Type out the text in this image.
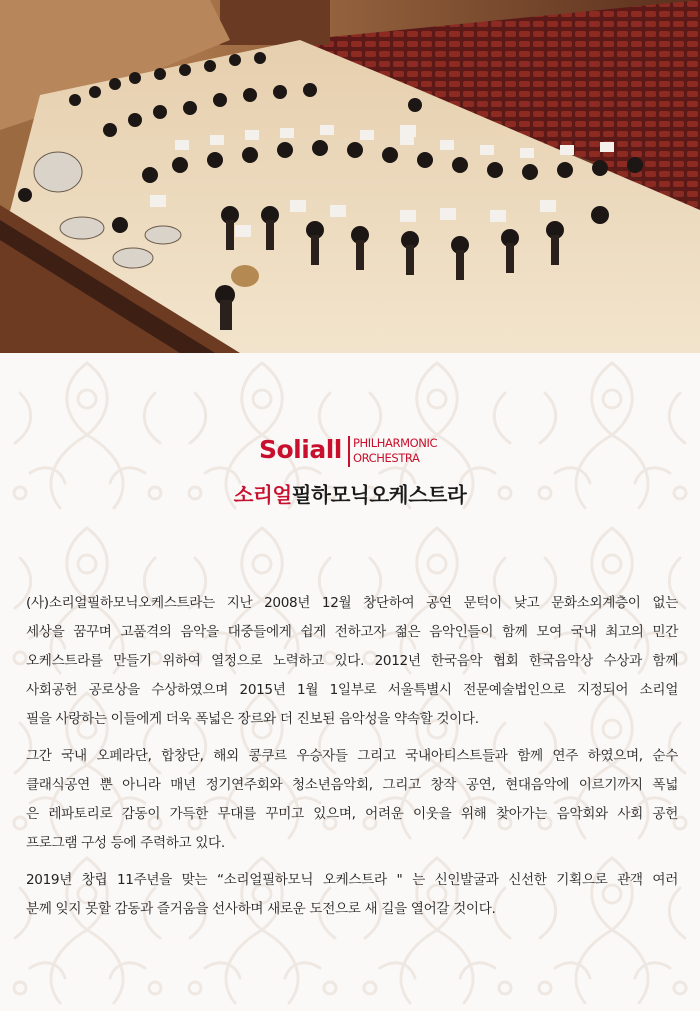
Soliall PHILHARMONIC
ORCHESTRA
소리얼필하모닉오케스트라
(사)소리얼필하모닉오케스트라는 지난 2008년 12월 창단하여 공연 문턱이 낮고 문화소외계층이 없는
세상을 꿈꾸며 고품격의 음악을 대중들에게 쉽게 전하고자 젊은 음악인들이 함께 모여 국내 최고의 민간
오케스트라를 만들기 위하여 열정으로 노력하고 있다. 2012년 한국음악 협회 한국음악상 수상과 함께
사회공헌 공로상을 수상하였으며 2015년 1월 1일부로 서울특별시 전문예술법인으로 지정되어 소리얼
필을 사랑하는 이들에게 더욱 폭넓은 장르와 더 진보된 음악성을 약속할 것이다.
그간 국내 오페라단, 합창단, 해외 콩쿠르 우승자들 그리고 국내아티스트들과 함께 연주 하였으며, 순수
클래식공연 뿐 아니라 매년 정기연주회와 청소년음악회, 그리고 창작 공연, 현대음악에 이르기까지 폭넓
은 레파토리로 감동이 가득한 무대를 꾸미고 있으며, 어려운 이웃을 위해 찾아가는 음악회와 사회 공헌
프로그램 구성 등에 주력하고 있다.
2019년 창립 11주년을 맞는 “소리얼필하모닉 오케스트라 " 는 신인발굴과 신선한 기획으로 관객 여러
분께 잊지 못할 감동과 즐거움을 선사하며 새로운 도전으로 새 길을 열어갈 것이다.
